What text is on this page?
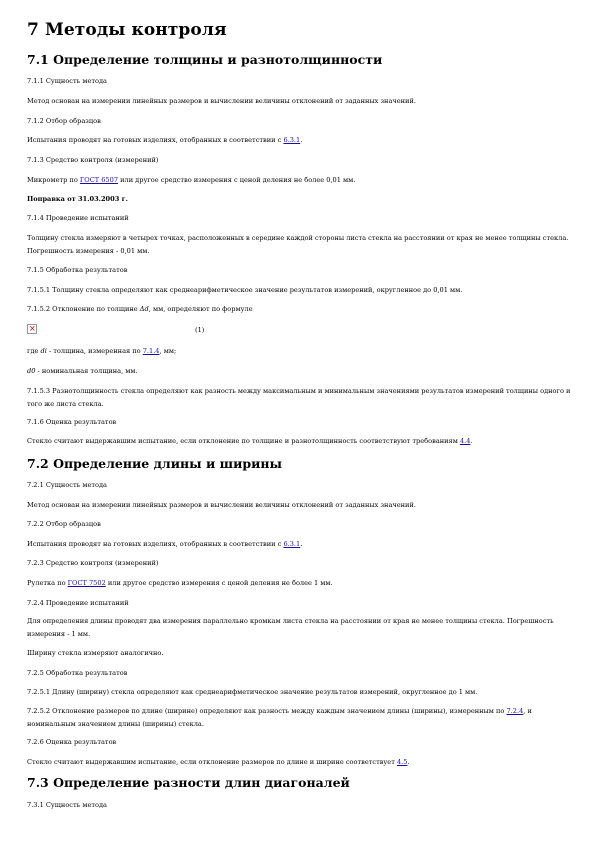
7 Методы контроля
7.1 Определение толщины и разнотолщинности
7.1.1 Сущность метода
Метод основан на измерении линейных размеров и вычислении величины отклонений от заданных значений.
7.1.2 Отбор образцов
Испытания проводят на готовых изделиях, отобранных в соответствии с 6.3.1.
7.1.3 Средство контроля (измерений)
Микрометр по ГОСТ 6507 или другое средство измерения с ценой деления не более 0,01 мм.
Поправка от 31.03.2003 г.
7.1.4 Проведение испытаний
Толщину стекла измеряют в четырех точках, расположенных в середине каждой стороны листа стекла на расстоянии от края не менее толщины стекла. Погрешность измерения - 0,01 мм.
7.1.5 Обработка результатов
7.1.5.1 Толщину стекла определяют как среднеарифметическое значение результатов измерений, округленное до 0,01 мм.
7.1.5.2 Отклонение по толщине Δd, мм, определяют по формуле
×
(1)
где di - толщина, измеренная по 7.1.4, мм;
d0 - номинальная толщина, мм.
7.1.5.3 Разнотолщинность стекла определяют как разность между максимальным и минимальным значениями результатов измерений толщины одного и того же листа стекла.
7.1.6 Оценка результатов
Стекло считают выдержавшим испытание, если отклонение по толщине и разнотолщинность соответствуют требованиям 4.4.
7.2 Определение длины и ширины
7.2.1 Сущность метода
Метод основан на измерении линейных размеров и вычислении величины отклонений от заданных значений.
7.2.2 Отбор образцов
Испытания проводят на готовых изделиях, отобранных в соответствии с 6.3.1.
7.2.3 Средство контроля (измерений)
Рулетка по ГОСТ 7502 или другое средство измерения с ценой деления не более 1 мм.
7.2.4 Проведение испытаний
Для определения длины проводят два измерения параллельно кромкам листа стекла на расстоянии от края не менее толщины стекла. Погрешность измерения - 1 мм.
Ширину стекла измеряют аналогично.
7.2.5 Обработка результатов
7.2.5.1 Длину (ширину) стекла определяют как среднеарифметическое значение результатов измерений, округленное до 1 мм.
7.2.5.2 Отклонение размеров по длине (ширине) определяют как разность между каждым значением длины (ширины), измеренным по 7.2.4, и номинальным значением длины (ширины) стекла.
7.2.6 Оценка результатов
Стекло считают выдержавшим испытание, если отклонение размеров по длине и ширине соответствует 4.5.
7.3 Определение разности длин диагоналей
7.3.1 Сущность метода
